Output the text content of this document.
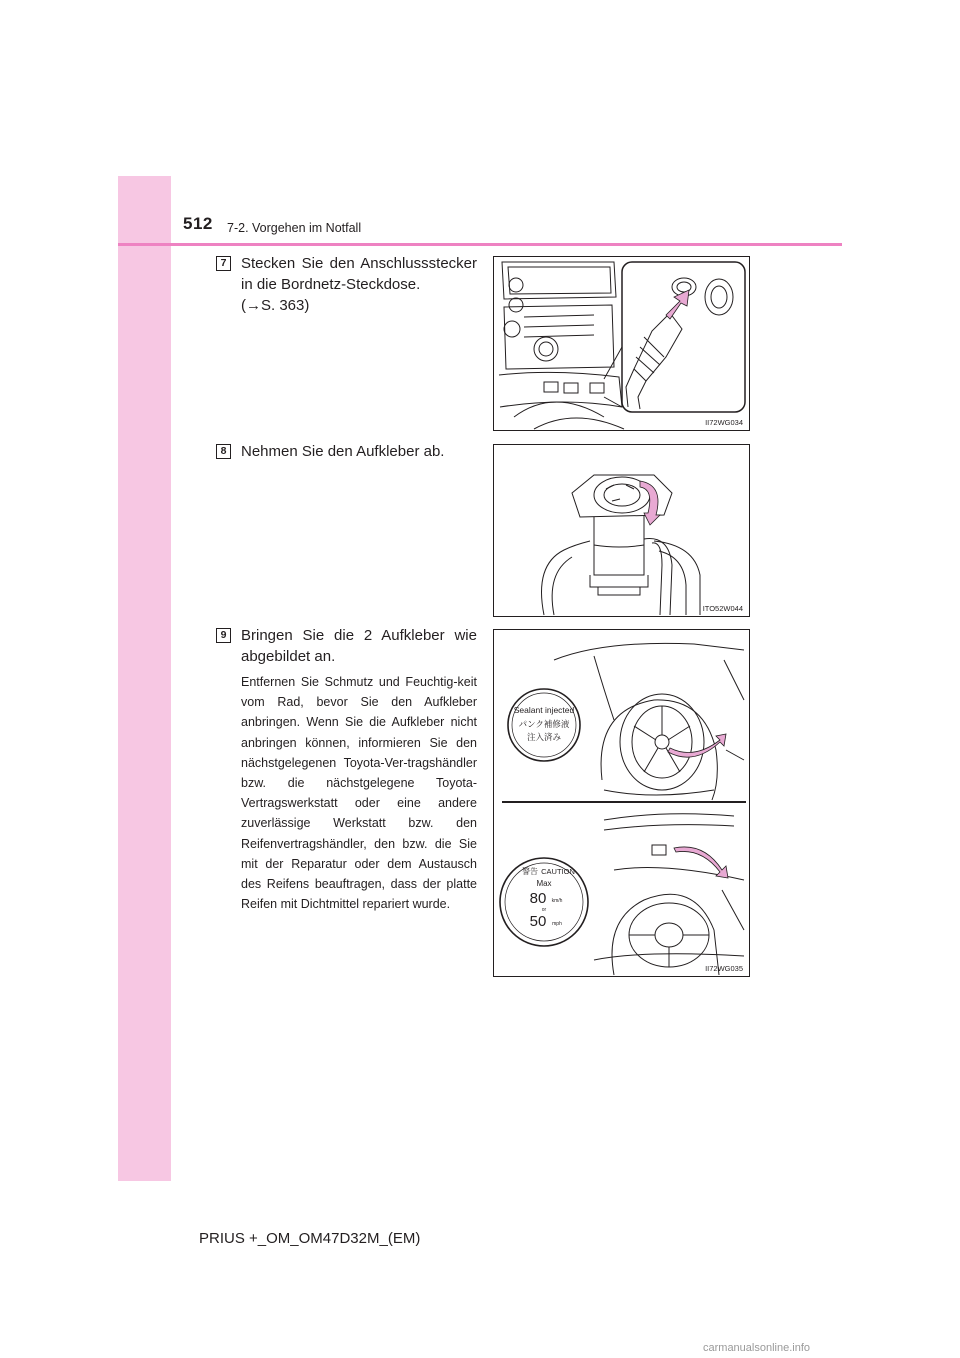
512 7-2. Vorgehen im Notfall
7 Stecken Sie den Anschlussstecker
in die Bordnetz-Steckdose.
(→S. 363)
II72WG034
8 Nehmen Sie den Aufkleber ab.
ITO52W044
9 Bringen Sie die 2 Aufkleber wie
abgebildet an.
Entfernen Sie Schmutz und Feuchtig-keit vom Rad, bevor Sie den Aufkleber anbringen. Wenn Sie die Aufkleber nicht anbringen können, informieren Sie den nächstgelegenen Toyota-Ver-tragshändler bzw. die nächstgelegene Toyota-Vertragswerkstatt oder eine andere zuverlässige Werkstatt bzw. den Reifenvertragshändler, den bzw. die Sie mit der Reparatur oder dem Austausch des Reifens beauftragen, dass der platte Reifen mit Dichtmittel repariert wurde.
Sealant injected
パンク補修液
注入済み
警告 CAUTION
Max
80 km/h
or
50 mph
II72WG035
PRIUS +_OM_OM47D32M_(EM)
carmanualsonline.info
